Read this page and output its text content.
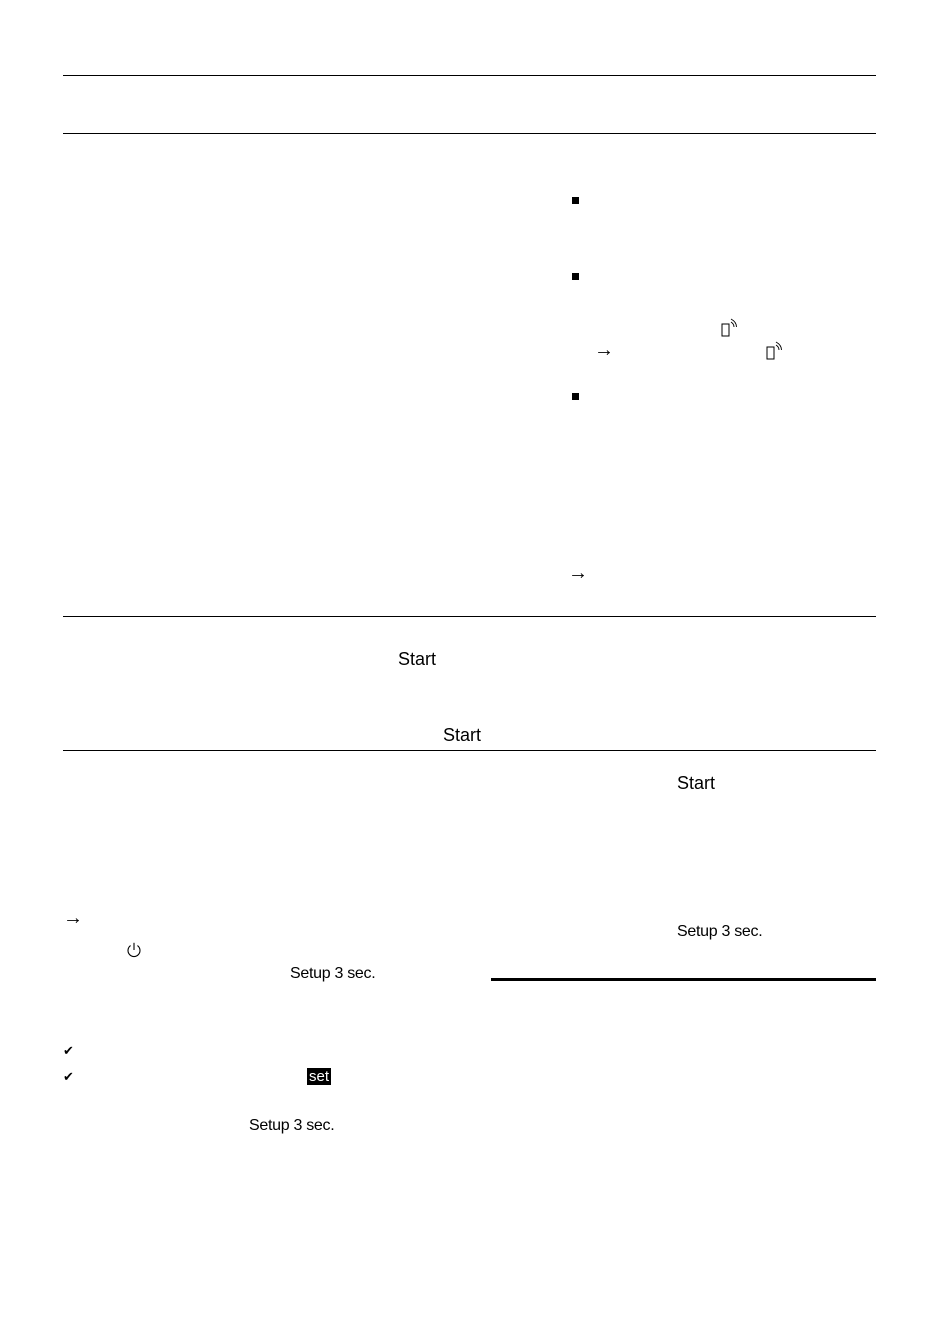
→
→
→
Start
Start
Start
Setup 3 sec.
Setup 3 sec.
Setup 3 sec.
✔
✔	set
